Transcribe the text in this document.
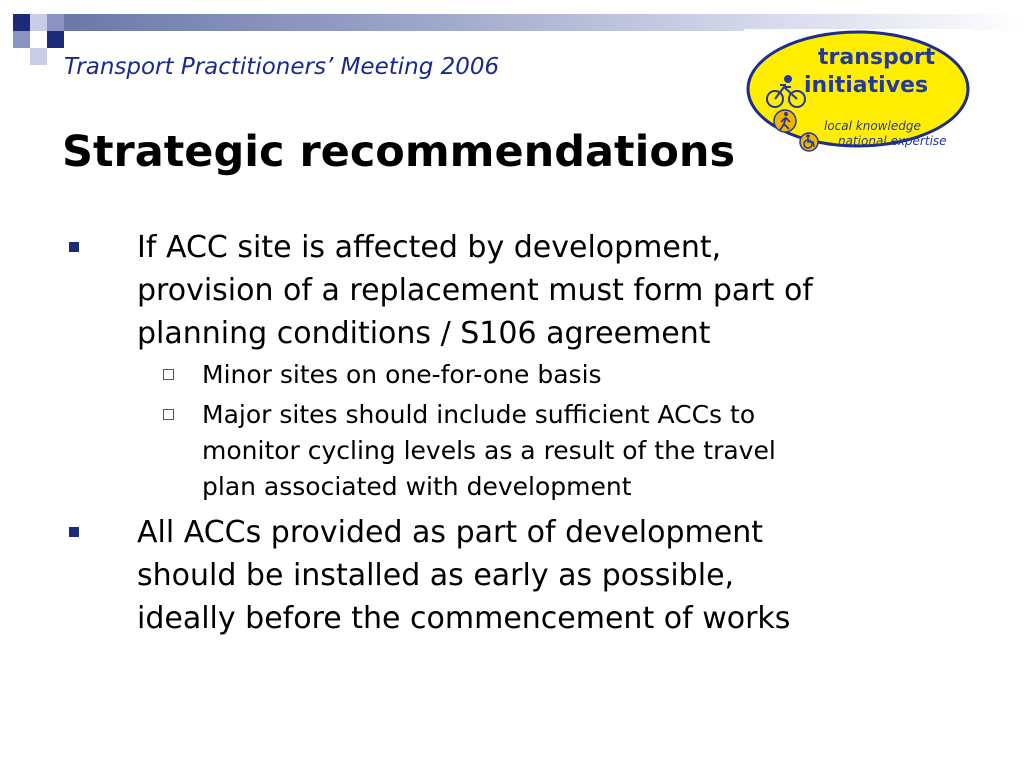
Transport Practitioners’ Meeting 2006
Strategic recommendations
transport
initiatives
local knowledge
national expertise
If ACC site is affected by development,
provision of a replacement must form part of
planning conditions / S106 agreement
Minor sites on one-for-one basis
Major sites should include sufficient ACCs to
monitor cycling levels as a result of the travel
plan associated with development
All ACCs provided as part of development
should be installed as early as possible,
ideally before the commencement of works
